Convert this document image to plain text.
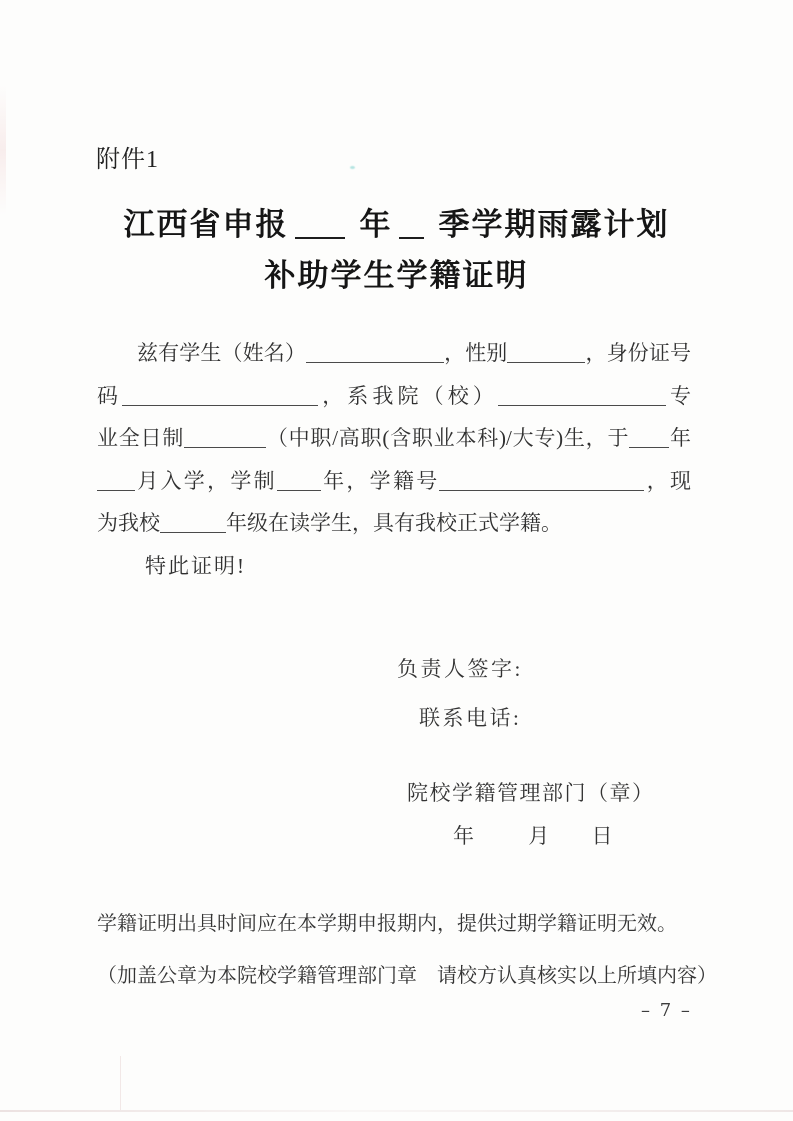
附件1
江西省申报 年 季学期雨露计划
补助学生学籍证明
兹有学生（姓名）	，性别	，身份证号
码	，系我院（校）	专
业全日制	（中职/高职(含职业本科)/大专)生，于 年
月入学，学制 年，学籍号	，现
为我校	年级在读学生，具有我校正式学籍。
特此证明!
负责人签字:
联系电话:
院校学籍管理部门（章）
年	月 日
学籍证明出具时间应在本学期申报期内，提供过期学籍证明无效。
（加盖公章为本院校学籍管理部门章　请校方认真核实以上所填内容）
– 7 –
